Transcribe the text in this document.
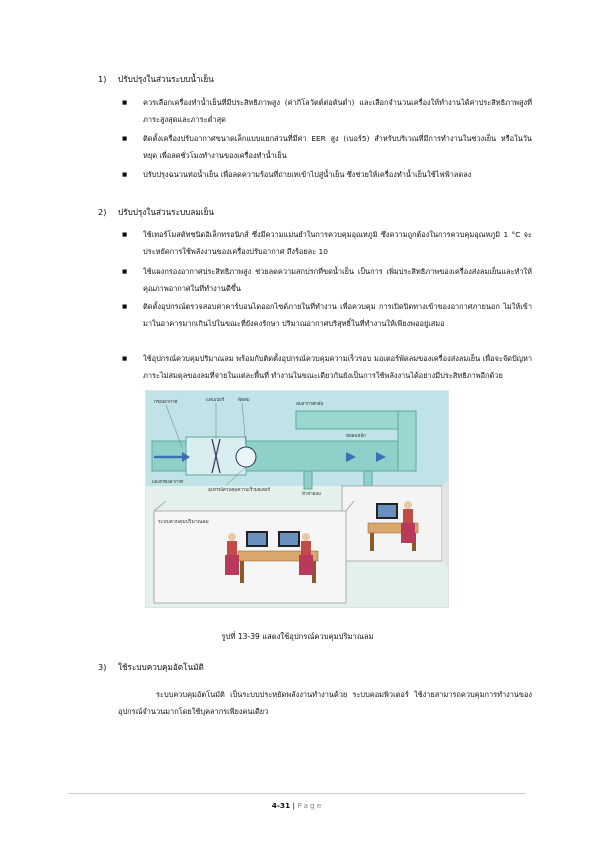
1) ปรับปรุงในส่วนระบบน้ำเย็น
■	ควรเลือกเครื่องทำน้ำเย็นที่มีประสิทธิภาพสูง (ค่ากิโลวัตต์ต่อตันต่ำ) และเลือกจำนวนเครื่องให้ทำงานได้ค่าประสิทธิภาพสูงที่ภาระสูงสุดและภาระต่ำสุด
■	ติดตั้งเครื่องปรับอากาศขนาดเล็กแบบแยกส่วนที่มีค่า EER สูง (เบอร์5) สำหรับบริเวณที่มีการทำงานในช่วงเย็น หรือในวันหยุด เพื่อลดชั่วโมงทำงานของเครื่องทำน้ำเย็น
■	ปรับปรุงฉนวนท่อน้ำเย็น เพื่อลดความร้อนที่ถ่ายเทเข้าไปสู่น้ำเย็น ซึ่งช่วยให้เครื่องทำน้ำเย็นใช้ไฟฟ้าลดลง
2) ปรับปรุงในส่วนระบบลมเย็น
■	ใช้เทอร์โมสตัทชนิดอิเล็กทรอนิกส์ ซึ่งมีความแม่นยำในการควบคุมอุณหภูมิ ซึ่งความถูกต้องในการควบคุมอุณหภูมิ 1 °C จะประหยัดการใช้พลังงานของเครื่องปรับอากาศ ถึงร้อยละ 10
■	ใช้แผงกรองอากาศประสิทธิภาพสูง ช่วยลดความสกปรกที่ขดน้ำเย็น เป็นการ เพิ่มประสิทธิภาพของเครื่องส่งลมเย็นและทำให้คุณภาพอากาศในที่ทำงานดีขึ้น
■	ติดตั้งอุปกรณ์ตรวจสอบค่าคาร์บอนไดออกไซด์ภายในที่ทำงาน เพื่อควบคุม การเปิดปิดทางเข้าของอากาศภายนอก ไม่ให้เข้ามาในอาคารมากเกินไปในขณะที่ยังคงรักษา ปริมาณอากาศบริสุทธิ์ในที่ทำงานให้เพียงพออยู่เสมอ
■	ใช้อุปกรณ์ควบคุมปริมาณลม พร้อมกับติดตั้งอุปกรณ์ควบคุมความเร็วรอบ มอเตอร์พัดลมของเครื่องส่งลมเย็น เพื่อจะจัดปัญหาภาระไม่สมดุลของลมที่จ่ายในแต่ละพื้นที่ ทำงานในขณะเดียวกันยังเป็นการใช้พลังงานได้อย่างมีประสิทธิภาพอีกด้วย
กรองอากาศ	แดมเปอร์	พัดลม
ลมอากาศกลับ
หัวจ่ายลม
แผงกรองอากาศ
อุปกรณ์ควบคุมความเร็วมอเตอร์
ท่อลมหลัก
ระบบควบคุมปริมาณลม
รูปที่ 13-39 แสดงใช้อุปกรณ์ควบคุมปริมาณลม
3) ใช้ระบบควบคุมอัตโนมัติ
ระบบควบคุมอัตโนมัติ เป็นระบบประหยัดพลังงานทำงานด้วย ระบบคอมพิวเตอร์ ใช้ง่ายสามารถควบคุมการทำงานของอุปกรณ์จำนวนมากโดยใช้บุคลากรเพียงคนเดียว
4-31 | Page
